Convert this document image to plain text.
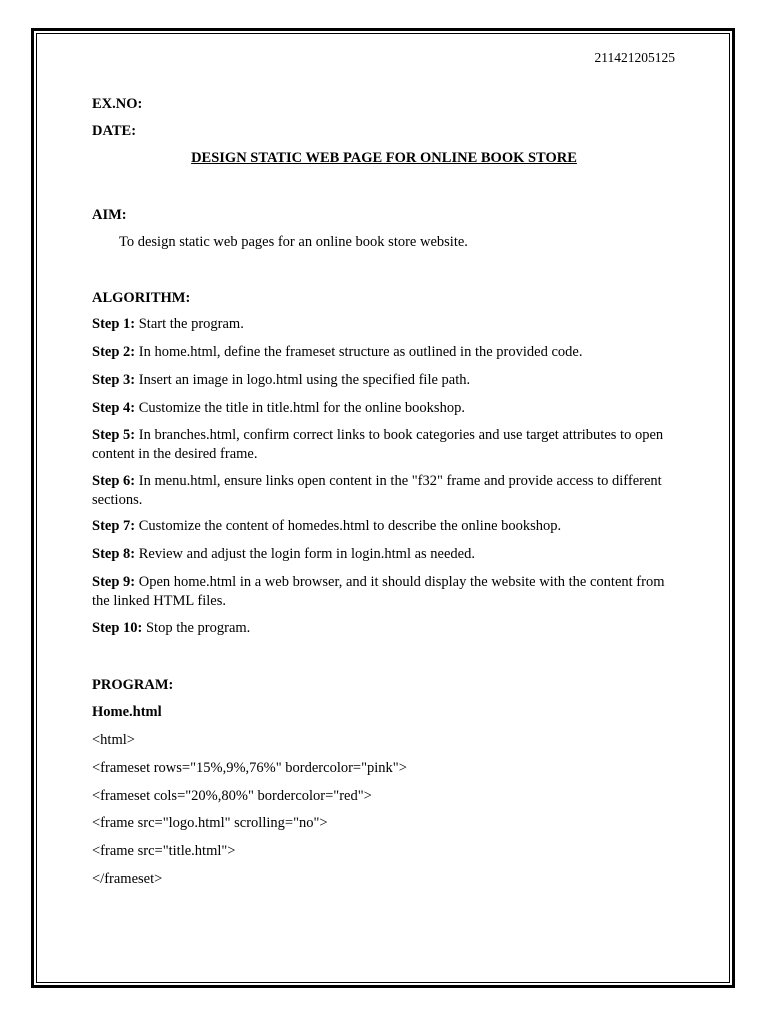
211421205125
EX.NO:
DATE:
DESIGN STATIC WEB PAGE FOR ONLINE BOOK STORE
AIM:
To design static web pages for an online book store website.
ALGORITHM:
Step 1: Start the program.
Step 2: In home.html, define the frameset structure as outlined in the provided code.
Step 3: Insert an image in logo.html using the specified file path.
Step 4: Customize the title in title.html for the online bookshop.
Step 5: In branches.html, confirm correct links to book categories and use target attributes to open content in the desired frame.
Step 6: In menu.html, ensure links open content in the "f32" frame and provide access to different sections.
Step 7: Customize the content of homedes.html to describe the online bookshop.
Step 8: Review and adjust the login form in login.html as needed.
Step 9: Open home.html in a web browser, and it should display the website with the content from the linked HTML files.
Step 10: Stop the program.
PROGRAM:
Home.html
<html>
<frameset rows="15%,9%,76%" bordercolor="pink">
<frameset cols="20%,80%" bordercolor="red">
<frame src="logo.html" scrolling="no">
<frame src="title.html">
</frameset>
